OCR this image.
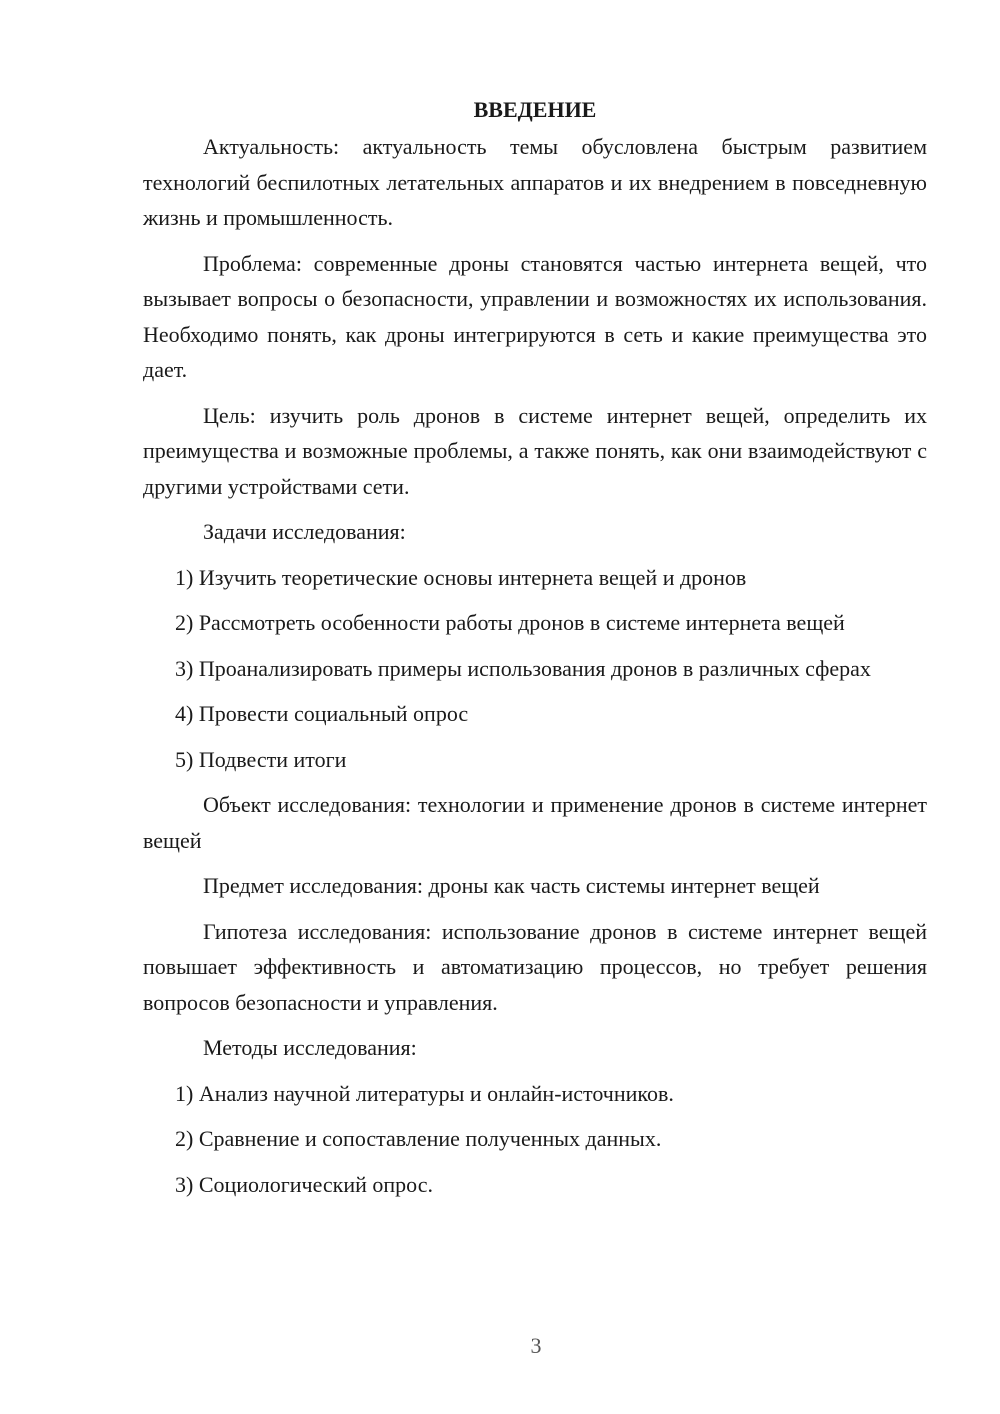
ВВЕДЕНИЕ

Актуальность: актуальность темы обусловлена быстрым развитием технологий беспилотных летательных аппаратов и их внедрением в повседневную жизнь и промышленность.

Проблема: современные дроны становятся частью интернета вещей, что вызывает вопросы о безопасности, управлении и возможностях их использования. Необходимо понять, как дроны интегрируются в сеть и какие преимущества это дает.

Цель: изучить роль дронов в системе интернет вещей, определить их преимущества и возможные проблемы, а также понять, как они взаимодействуют с другими устройствами сети.

Задачи исследования:

1) Изучить теоретические основы интернета вещей и дронов

2) Рассмотреть особенности работы дронов в системе интернета вещей

3) Проанализировать примеры использования дронов в различных сферах

4) Провести социальный опрос

5) Подвести итоги

Объект исследования: технологии и применение дронов в системе интернет вещей

Предмет исследования: дроны как часть системы интернет вещей

Гипотеза исследования: использование дронов в системе интернет вещей повышает эффективность и автоматизацию процессов, но требует решения вопросов безопасности и управления.

Методы исследования:

1) Анализ научной литературы и онлайн-источников.

2) Сравнение и сопоставление полученных данных.

3) Социологический опрос.

3
